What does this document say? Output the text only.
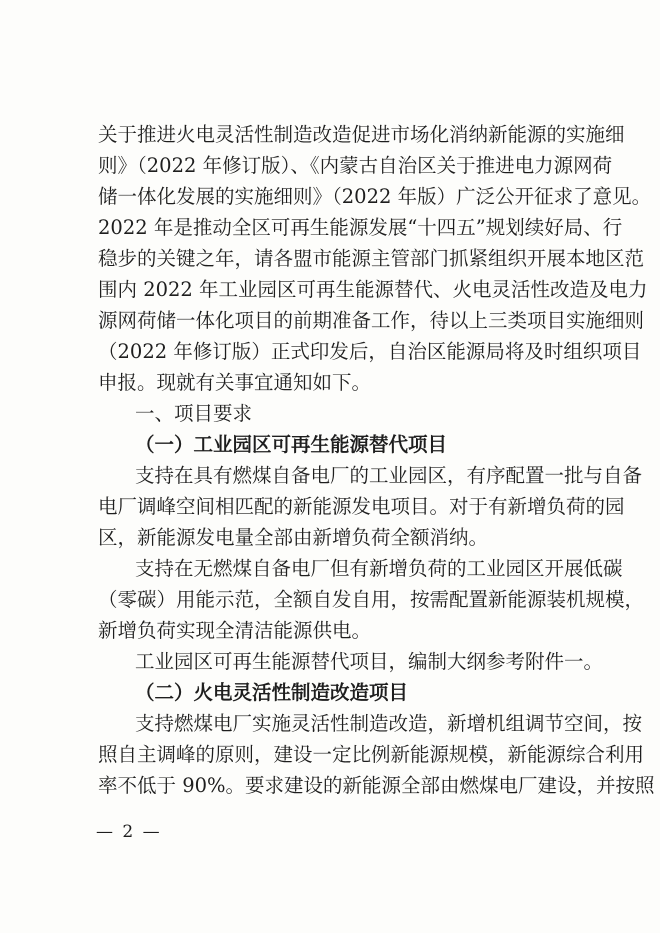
关于推进火电灵活性制造改造促进市场化消纳新能源的实施细
则》（2022 年修订版）、《内蒙古自治区关于推进电力源网荷
储一体化发展的实施细则》（2022 年版）广泛公开征求了意见。
2022 年是推动全区可再生能源发展“十四五”规划续好局、行
稳步的关键之年，请各盟市能源主管部门抓紧组织开展本地区范
围内 2022 年工业园区可再生能源替代、火电灵活性改造及电力
源网荷储一体化项目的前期准备工作，待以上三类项目实施细则
（2022 年修订版）正式印发后，自治区能源局将及时组织项目
申报。现就有关事宜通知如下。
一、项目要求
（一）工业园区可再生能源替代项目
支持在具有燃煤自备电厂的工业园区，有序配置一批与自备
电厂调峰空间相匹配的新能源发电项目。对于有新增负荷的园
区，新能源发电量全部由新增负荷全额消纳。
支持在无燃煤自备电厂但有新增负荷的工业园区开展低碳
（零碳）用能示范，全额自发自用，按需配置新能源装机规模，
新增负荷实现全清洁能源供电。
工业园区可再生能源替代项目，编制大纲参考附件一。
（二）火电灵活性制造改造项目
支持燃煤电厂实施灵活性制造改造，新增机组调节空间，按
照自主调峰的原则，建设一定比例新能源规模，新能源综合利用
率不低于 90%。要求建设的新能源全部由燃煤电厂建设，并按照
— 2 —
